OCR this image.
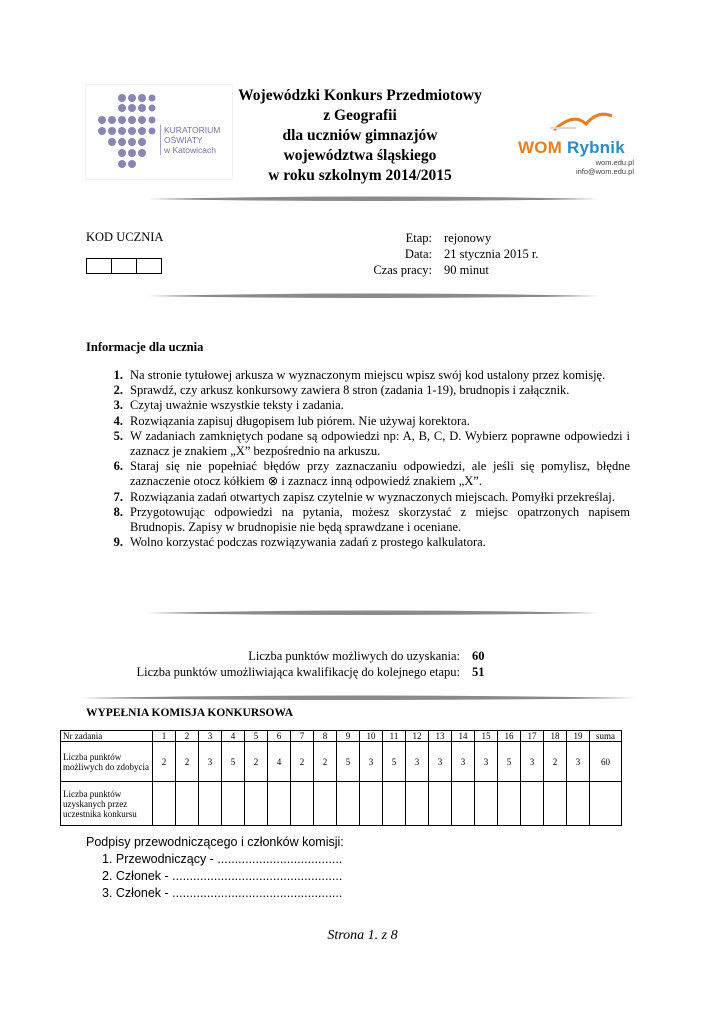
KURATORIUM
OŚWIATY
w Katowicach
Wojewódzki Konkurs Przedmiotowy
z Geografii
dla uczniów gimnazjów
województwa śląskiego
w roku szkolnym 2014/2015
WOM Rybnik
wom.edu.pl
info@wom.edu.pl
KOD UCZNIA	Etap: rejonowy
Data: 21 stycznia 2015 r.
Czas pracy: 90 minut
Informacje dla ucznia
1. Na stronie tytułowej arkusza w wyznaczonym miejscu wpisz swój kod ustalony przez komisję.
2. Sprawdź, czy arkusz konkursowy zawiera 8 stron (zadania 1-19), brudnopis i załącznik.
3. Czytaj uważnie wszystkie teksty i zadania.
4. Rozwiązania zapisuj długopisem lub piórem. Nie używaj korektora.
5. W zadaniach zamkniętych podane są odpowiedzi np: A, B, C, D. Wybierz poprawne odpowiedzi i zaznacz je znakiem „X” bezpośrednio na arkuszu.
6. Staraj się nie popełniać błędów przy zaznaczaniu odpowiedzi, ale jeśli się pomylisz, błędne zaznaczenie otocz kółkiem ⊗ i zaznacz inną odpowiedź znakiem „X”.
7. Rozwiązania zadań otwartych zapisz czytelnie w wyznaczonych miejscach. Pomyłki przekreślaj.
8. Przygotowując odpowiedzi na pytania, możesz skorzystać z miejsc opatrzonych napisem Brudnopis. Zapisy w brudnopisie nie będą sprawdzane i oceniane.
9. Wolno korzystać podczas rozwiązywania zadań z prostego kalkulatora.
Liczba punktów możliwych do uzyskania: 60
Liczba punktów umożliwiająca kwalifikację do kolejnego etapu: 51
WYPEŁNIA KOMISJA KONKURSOWA
Nr zadania	1	2	3	4	5	6	7	8	9	10	11	12	13	14	15	16	17	18	19	suma
Liczba punktów możliwych do zdobycia	2	2	3	5	2	4	2	2	5	3	5	3	3	3	3	5	3	2	3	60
Liczba punktów uzyskanych przez uczestnika konkursu																				
Podpisy przewodniczącego i członków komisji:
1. Przewodniczący - ....................................
2. Członek - .................................................
3. Członek - .................................................
Strona 1. z 8
